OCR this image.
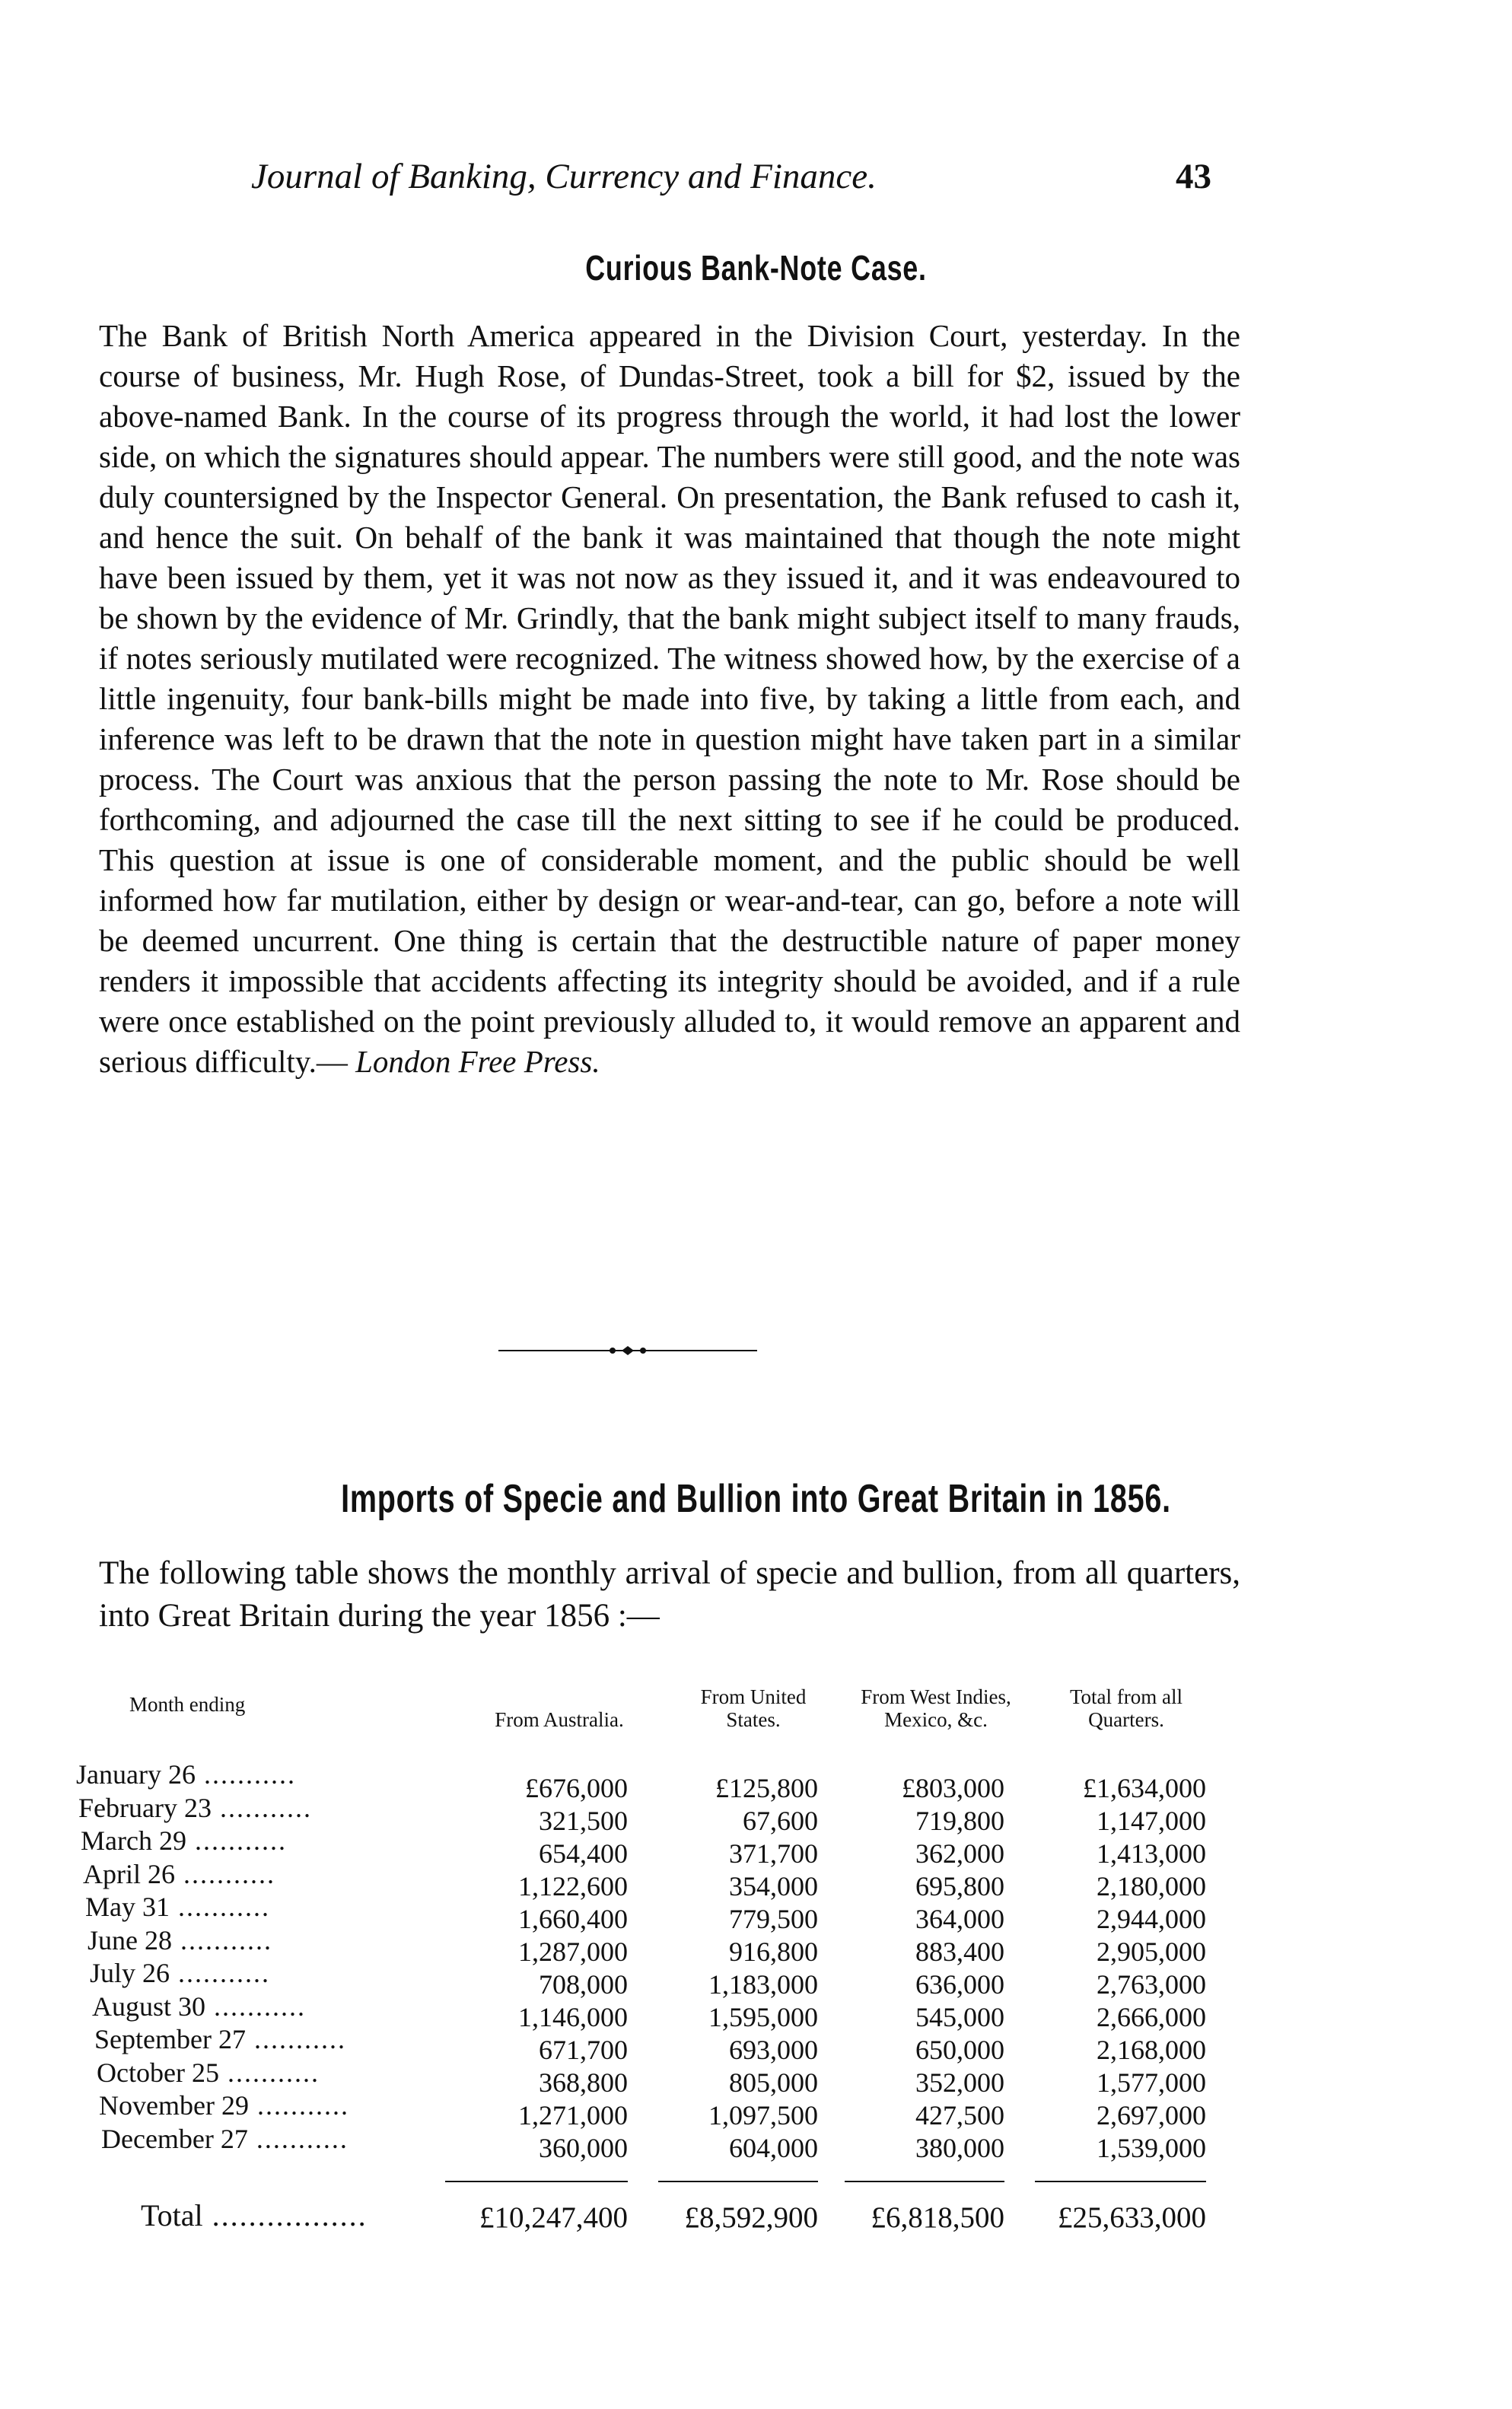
Journal of Banking, Currency and Finance.	43
Curious Bank-Note Case.
The Bank of British North America appeared in the Division Court, yesterday. In the course of business, Mr. Hugh Rose, of Dundas-Street, took a bill for $2, issued by the above-named Bank. In the course of its progress through the world, it had lost the lower side, on which the signatures should appear. The numbers were still good, and the note was duly countersigned by the Inspector General. On presentation, the Bank refused to cash it, and hence the suit. On behalf of the bank it was maintained that though the note might have been issued by them, yet it was not now as they issued it, and it was endeavoured to be shown by the evidence of Mr. Grindly, that the bank might subject itself to many frauds, if notes seriously mutilated were recognized. The witness showed how, by the exercise of a little ingenuity, four bank-bills might be made into five, by taking a little from each, and inference was left to be drawn that the note in question might have taken part in a similar process. The Court was anxious that the person passing the note to Mr. Rose should be forthcoming, and adjourned the case till the next sitting to see if he could be produced. This question at issue is one of considerable moment, and the public should be well informed how far mutilation, either by design or wear-and-tear, can go, before a note will be deemed uncurrent. One thing is certain that the destructible nature of paper money renders it impossible that accidents affecting its integrity should be avoided, and if a rule were once established on the point previously alluded to, it would remove an apparent and serious difficulty.— London Free Press.
Imports of Specie and Bullion into Great Britain in 1856.
The following table shows the monthly arrival of specie and bullion, from all quarters, into Great Britain during the year 1856 :—
Month ending
From Australia.
From United States.
From West Indies, Mexico, &c.
Total from all Quarters.
January 26 ...........	£676,000	£125,800	£803,000	£1,634,000
February 23 ...........	321,500	67,600	719,800	1,147,000
March 29 ...........	654,400	371,700	362,000	1,413,000
April 26 ...........	1,122,600	354,000	695,800	2,180,000
May 31 ...........	1,660,400	779,500	364,000	2,944,000
June 28 ...........	1,287,000	916,800	883,400	2,905,000
July 26 ...........	708,000	1,183,000	636,000	2,763,000
August 30 ...........	1,146,000	1,595,000	545,000	2,666,000
September 27 ...........	671,700	693,000	650,000	2,168,000
October 25 ...........	368,800	805,000	352,000	1,577,000
November 29 ...........	1,271,000	1,097,500	427,500	2,697,000
December 27 ...........	360,000	604,000	380,000	1,539,000
Total .................	£10,247,400	£8,592,900	£6,818,500	£25,633,000
